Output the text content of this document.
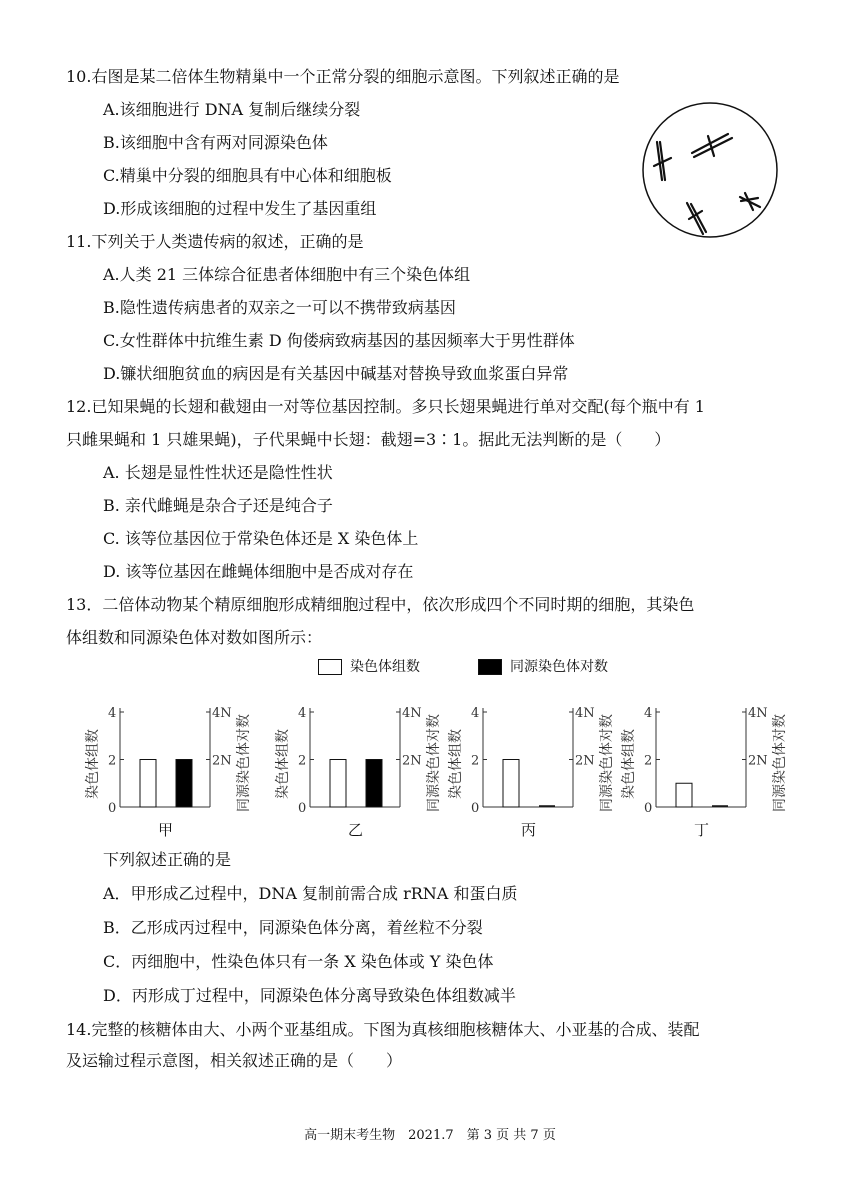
10.右图是某二倍体生物精巢中一个正常分裂的细胞示意图。下列叙述正确的是
A.该细胞进行 DNA 复制后继续分裂
B.该细胞中含有两对同源染色体
C.精巢中分裂的细胞具有中心体和细胞板
D.形成该细胞的过程中发生了基因重组
11.下列关于人类遗传病的叙述，正确的是
A.人类 21 三体综合征患者体细胞中有三个染色体组
B.隐性遗传病患者的双亲之一可以不携带致病基因
C.女性群体中抗维生素 D 佝偻病致病基因的基因频率大于男性群体
D.镰状细胞贫血的病因是有关基因中碱基对替换导致血浆蛋白异常
12.已知果蝇的长翅和截翅由一对等位基因控制。多只长翅果蝇进行单对交配(每个瓶中有 1
只雌果蝇和 1 只雄果蝇)，子代果蝇中长翅：截翅=3∶1。据此无法判断的是（　　）
A. 长翅是显性性状还是隐性性状
B. 亲代雌蝇是杂合子还是纯合子
C. 该等位基因位于常染色体还是 X 染色体上
D. 该等位基因在雌蝇体细胞中是否成对存在
13．二倍体动物某个精原细胞形成精细胞过程中，依次形成四个不同时期的细胞，其染色
体组数和同源染色体对数如图所示：
染色体组数	同源染色体对数
0
2
4
2N
4N
染色体组数	同源染色体对数
甲
0
2
4
2N
4N
染色体组数	同源染色体对数
乙
0
2
4
2N
4N
染色体组数	同源染色体对数
丙
0
2
4
2N
4N
染色体组数	同源染色体对数
丁
下列叙述正确的是
A．甲形成乙过程中，DNA 复制前需合成 rRNA 和蛋白质
B．乙形成丙过程中，同源染色体分离，着丝粒不分裂
C．丙细胞中，性染色体只有一条 X 染色体或 Y 染色体
D．丙形成丁过程中，同源染色体分离导致染色体组数减半
14.完整的核糖体由大、小两个亚基组成。下图为真核细胞核糖体大、小亚基的合成、装配
及运输过程示意图，相关叙述正确的是（　　）
高一期末考生物　2021.7　第 3 页 共 7 页
